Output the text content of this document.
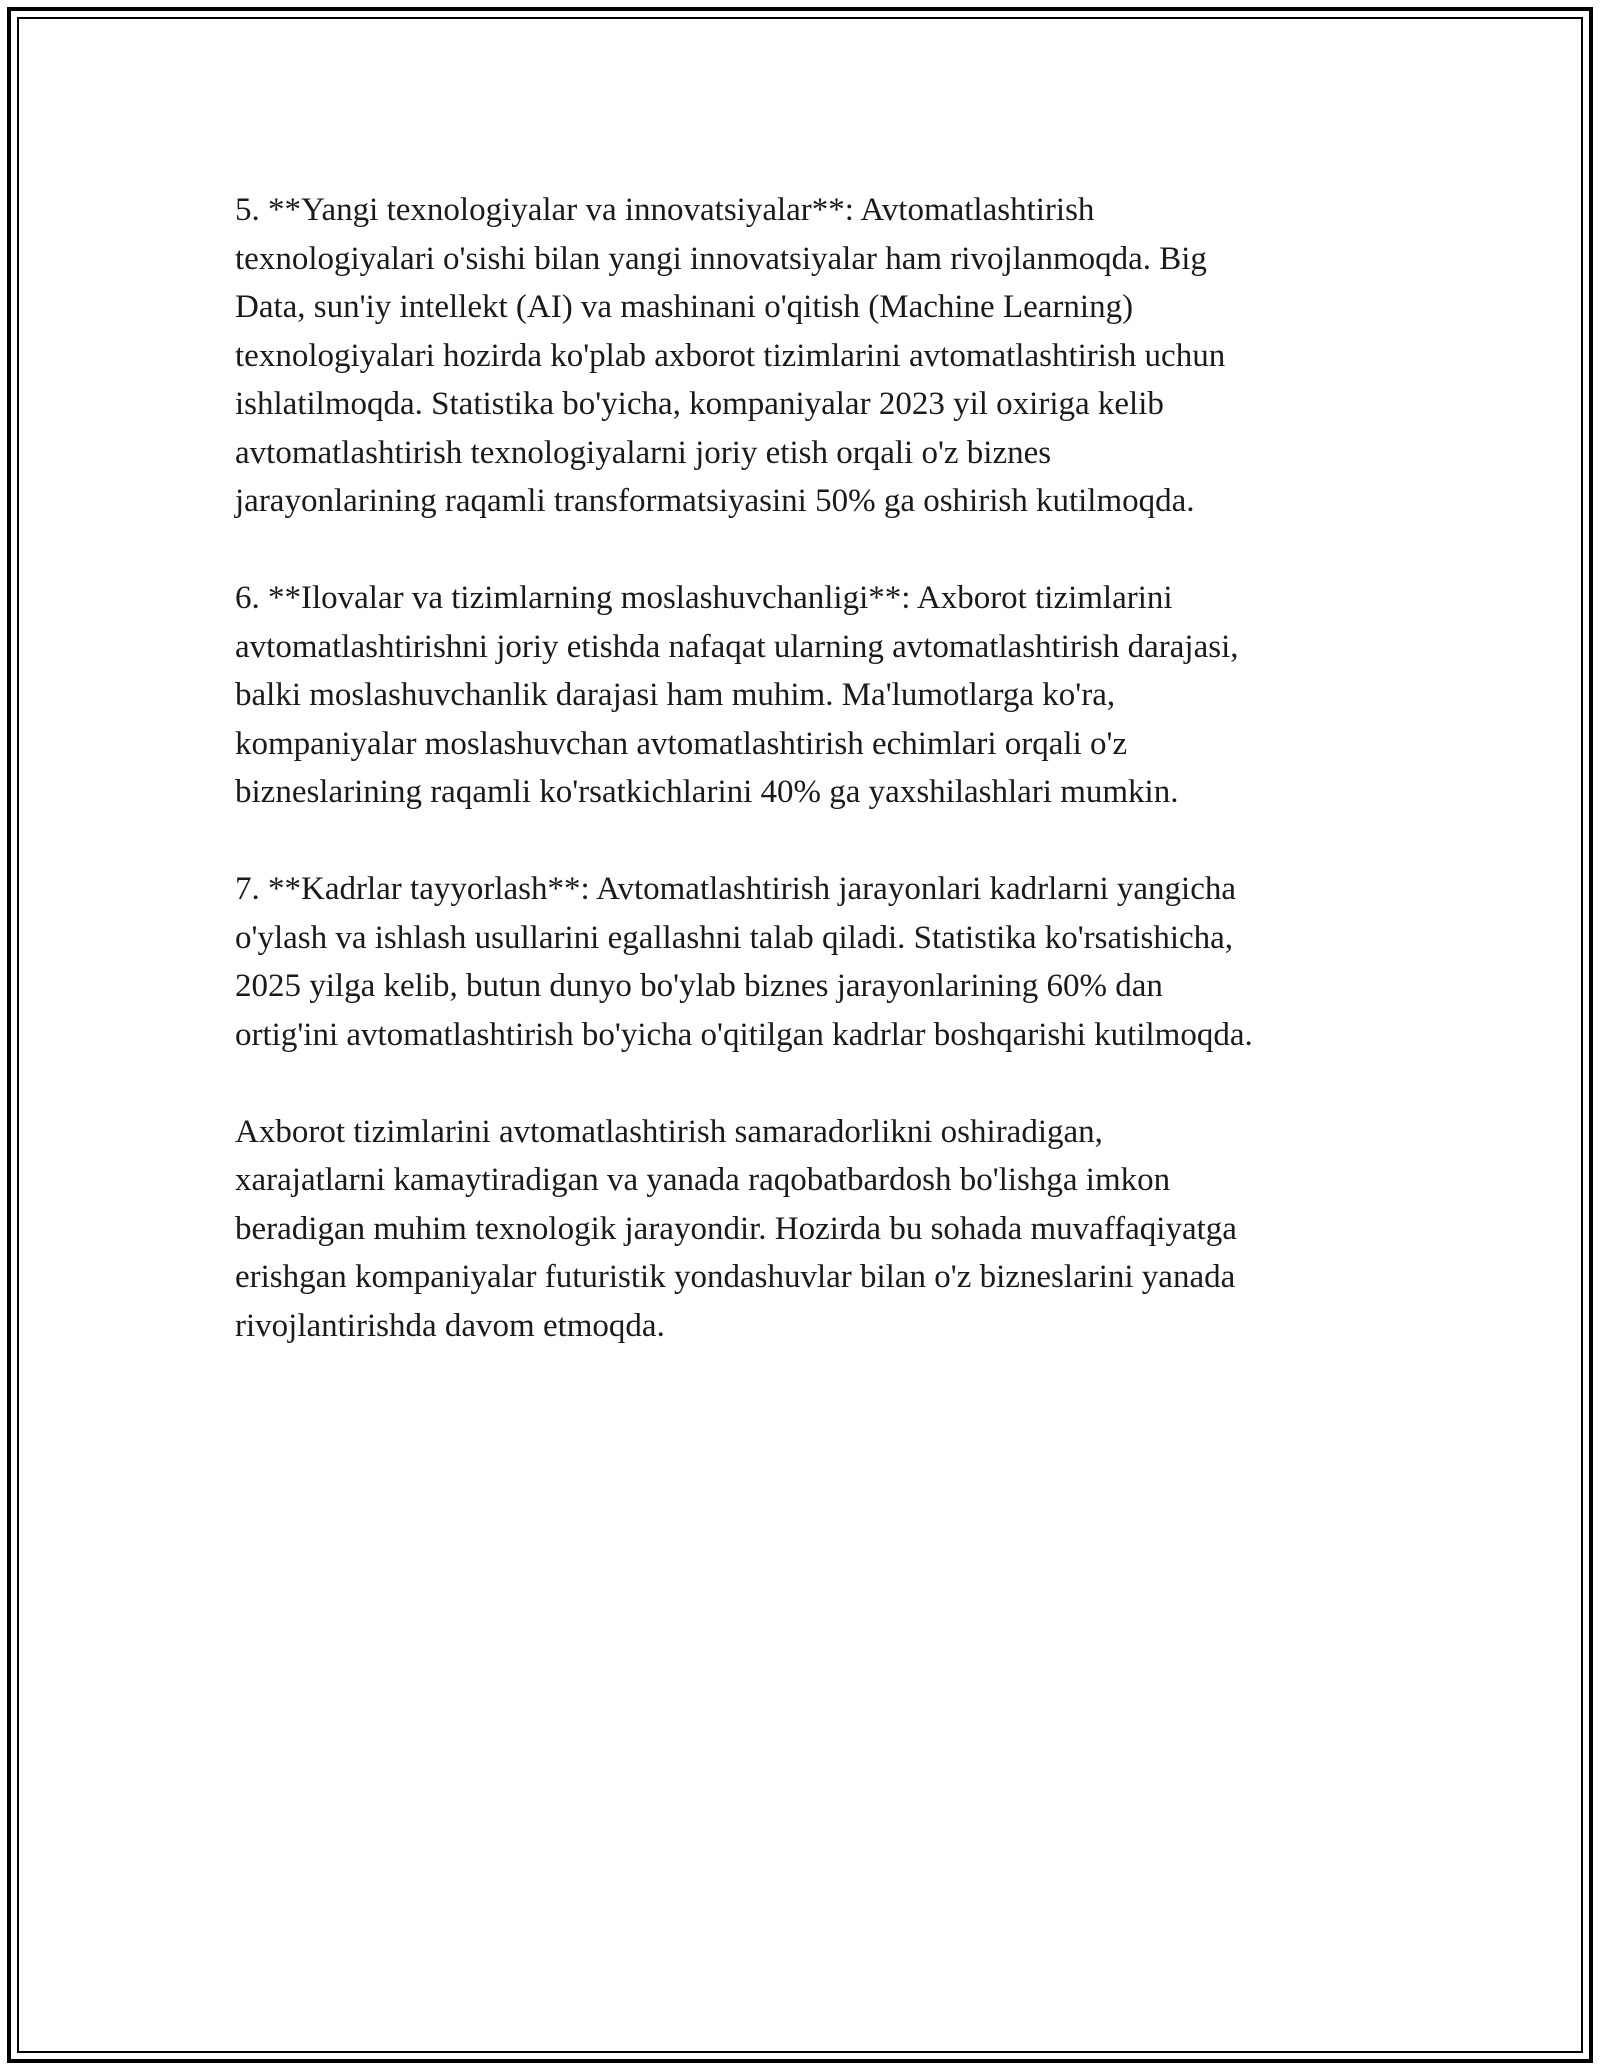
5. **Yangi texnologiyalar va innovatsiyalar**: Avtomatlashtirish
texnologiyalari o'sishi bilan yangi innovatsiyalar ham rivojlanmoqda. Big
Data, sun'iy intellekt (AI) va mashinani o'qitish (Machine Learning)
texnologiyalari hozirda ko'plab axborot tizimlarini avtomatlashtirish uchun
ishlatilmoqda. Statistika bo'yicha, kompaniyalar 2023 yil oxiriga kelib
avtomatlashtirish texnologiyalarni joriy etish orqali o'z biznes
jarayonlarining raqamli transformatsiyasini 50% ga oshirish kutilmoqda.

6. **Ilovalar va tizimlarning moslashuvchanligi**: Axborot tizimlarini
avtomatlashtirishni joriy etishda nafaqat ularning avtomatlashtirish darajasi,
balki moslashuvchanlik darajasi ham muhim. Ma'lumotlarga ko'ra,
kompaniyalar moslashuvchan avtomatlashtirish echimlari orqali o'z
bizneslarining raqamli ko'rsatkichlarini 40% ga yaxshilashlari mumkin.

7. **Kadrlar tayyorlash**: Avtomatlashtirish jarayonlari kadrlarni yangicha
o'ylash va ishlash usullarini egallashni talab qiladi. Statistika ko'rsatishicha,
2025 yilga kelib, butun dunyo bo'ylab biznes jarayonlarining 60% dan
ortig'ini avtomatlashtirish bo'yicha o'qitilgan kadrlar boshqarishi kutilmoqda.

Axborot tizimlarini avtomatlashtirish samaradorlikni oshiradigan,
xarajatlarni kamaytiradigan va yanada raqobatbardosh bo'lishga imkon
beradigan muhim texnologik jarayondir. Hozirda bu sohada muvaffaqiyatga
erishgan kompaniyalar futuristik yondashuvlar bilan o'z bizneslarini yanada
rivojlantirishda davom etmoqda.
